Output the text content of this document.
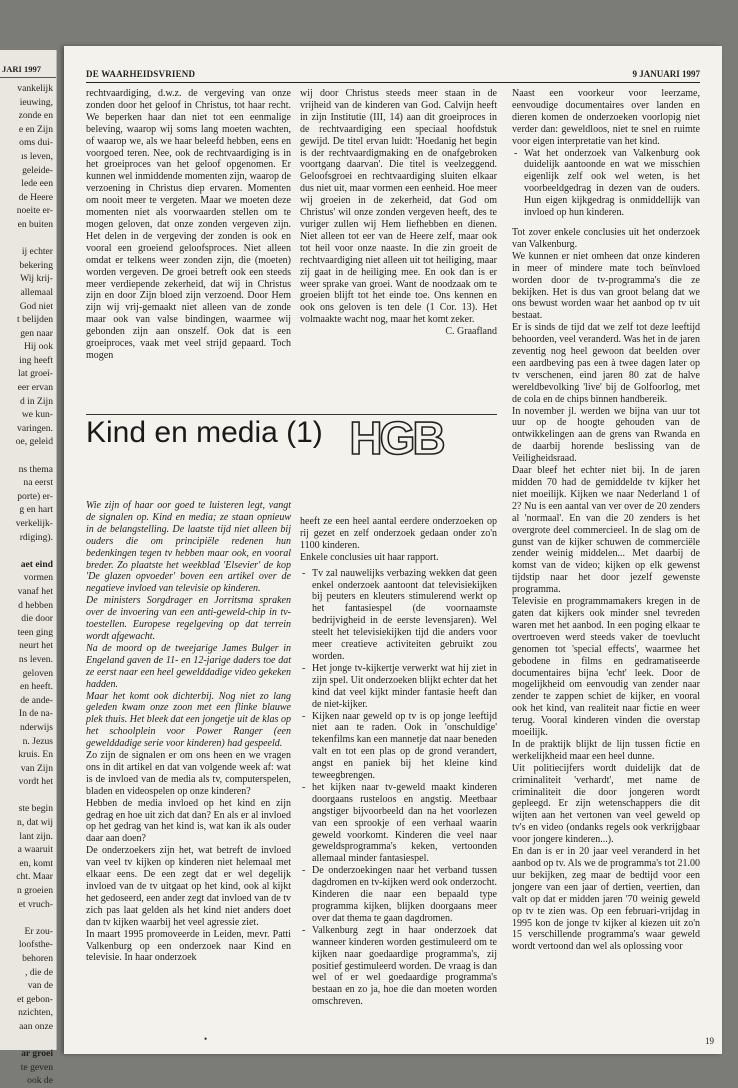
JARI 1997
vankelijk
ieuwing,
zonde en
e en Zijn
oms dui-
ıs leven,
geleide-
lede een
de Heere
noeite er-
en buiten

ij echter
bekering
Wij krij-
allemaal
God niet
t belijden
gen naar
Hij ook
ing heeft
lat groei-
eer ervan
d in Zijn
we kun-
varingen.
oe, geleid

ns thema
na eerst
porte) er-
g en hart
verkelijk-
rdiging).

aet eind
vormen
vanaf het
d hebben
die door
teen ging
neurt het
ns leven.
geloven
en heeft.
de ande-
In de na-
nderwijs
n. Jezus
kruis. En
van Zijn
vordt het

ste begin
n, dat wij
lant zijn.
a waaruit
en, komt
cht. Maar
n groeien
et vruch-

Er zou-
loofsthe-
behoren
, die de
van de
et gebon-
nzichten,
aan onze

ar groei
te geven
ook de
DE WAARHEIDSVRIEND	9 JANUARI 1997

rechtvaardiging, d.w.z. de vergeving van onze zonden door het geloof in Christus, tot haar recht. We beperken haar dan niet tot een eenmalige beleving, waarop wij soms lang moeten wachten, of waarop we, als we haar beleefd hebben, eens en voorgoed teren. Nee, ook de rechtvaardiging is in het groeiproces van het geloof opgenomen. Er kunnen wel inmiddende momenten zijn, waarop de verzoening in Christus diep ervaren. Momenten om nooit meer te vergeten. Maar we moeten deze momenten niet als voorwaarden stellen om te mogen geloven, dat onze zonden vergeven zijn. Het delen in de vergeving der zonden is ook en vooral een groeiend geloofsproces. Niet alleen omdat er telkens weer zonden zijn, die (moeten) worden vergeven. De groei betreft ook een steeds meer verdiepende zekerheid, dat wij in Christus zijn en door Zijn bloed zijn verzoend. Door Hem zijn wij vrij-gemaakt niet alleen van de zonde maar ook van valse bindingen, waarmee wij gebonden zijn aan onszelf. Ook dat is een groeiproces, vaak met veel strijd gepaard. Toch mogen

wij door Christus steeds meer staan in de vrijheid van de kinderen van God. Calvijn heeft in zijn Institutie (III, 14) aan dit groeiproces in de rechtvaardiging een speciaal hoofdstuk gewijd. De titel ervan luidt: 'Hoedanig het begin is der rechtvaardigmaking en de onafgebroken voortgang daarvan'. Die titel is veelzeggend. Geloofsgroei en rechtvaardiging sluiten elkaar dus niet uit, maar vormen een eenheid. Hoe meer wij groeien in de zekerheid, dat God om Christus' wil onze zonden vergeven heeft, des te vuriger zullen wij Hem liefhebben en dienen. Niet alleen tot eer van de Heere zelf, maar ook tot heil voor onze naaste. In die zin groeit de rechtvaardiging niet alleen uit tot heiliging, maar zij gaat in de heiliging mee. En ook dan is er weer sprake van groei. Want de noodzaak om te groeien blijft tot het einde toe. Ons kennen en ook ons geloven is ten dele (1 Cor. 13). Het volmaakte wacht nog, maar het komt zeker.

C. Graafland

Kind en media (1) HGB

Wie zijn of haar oor goed te luisteren legt, vangt de signalen op. Kind en media; ze staan opnieuw in de belangstelling. De laatste tijd niet alleen bij ouders die om principiële redenen hun bedenkingen tegen tv hebben maar ook, en vooral breder. Zo plaatste het weekblad 'Elsevier' de kop 'De glazen opvoeder' boven een artikel over de negatieve invloed van televisie op kinderen.

De ministers Sorgdrager en Jorritsma spraken over de invoering van een anti-geweld-chip in tv-toestellen. Europese regelgeving op dat terrein wordt afgewacht.

Na de moord op de tweejarige James Bulger in Engeland gaven de 11- en 12-jarige daders toe dat ze eerst naar een heel gewelddadige video gekeken hadden.

Maar het komt ook dichterbij. Nog niet zo lang geleden kwam onze zoon met een flinke blauwe plek thuis. Het bleek dat een jongetje uit de klas op het schoolplein voor Power Ranger (een gewelddadige serie voor kinderen) had gespeeld.

Zo zijn de signalen er om ons heen en we vragen ons in dit artikel en dat van volgende week af: wat is de invloed van de media als tv, computerspelen, bladen en videospelen op onze kinderen?

Hebben de media invloed op het kind en zijn gedrag en hoe uit zich dat dan? En als er al invloed op het gedrag van het kind is, wat kan ik als ouder daar aan doen?

De onderzoekers zijn het, wat betreft de invloed van veel tv kijken op kinderen niet helemaal met elkaar eens. De een zegt dat er wel degelijk invloed van de tv uitgaat op het kind, ook al kijkt het gedoseerd, een ander zegt dat invloed van de tv zich pas laat gelden als het kind niet anders doet dan tv kijken waarbij het veel agressie ziet.

In maart 1995 promoveerde in Leiden, mevr. Patti Valkenburg op een onderzoek naar Kind en televisie. In haar onderzoek

heeft ze een heel aantal eerdere onderzoeken op rij gezet en zelf onderzoek gedaan onder zo'n 1100 kinderen.

Enkele conclusies uit haar rapport.

- Tv zal nauwelijks verbazing wekken dat geen enkel onderzoek aantoont dat televisiekijken bij peuters en kleuters stimulerend werkt op het fantasiespel (de voornaamste bedrijvigheid in de eerste levensjaren). Wel steelt het televisiekijken tijd die anders voor meer creatieve activiteiten gebruikt zou worden.

- Het jonge tv-kijkertje verwerkt wat hij ziet in zijn spel. Uit onderzoeken blijkt echter dat het kind dat veel kijkt minder fantasie heeft dan de niet-kijker.

- Kijken naar geweld op tv is op jonge leeftijd niet aan te raden. Ook in 'onschuldige' tekenfilms kan een mannetje dat naar beneden valt en tot een plas op de grond verandert, angst en paniek bij het kleine kind teweegbrengen.

- het kijken naar tv-geweld maakt kinderen doorgaans rusteloos en angstig. Meetbaar angstiger bijvoorbeeld dan na het voorlezen van een sprookje of een verhaal waarin geweld voorkomt. Kinderen die veel naar geweldsprogramma's keken, vertoonden allemaal minder fantasiespel.

- De onderzoekingen naar het verband tussen dagdromen en tv-kijken werd ook onderzocht. Kinderen die naar een bepaald type programma kijken, blijken doorgaans meer over dat thema te gaan dagdromen.

- Valkenburg zegt in haar onderzoek dat wanneer kinderen worden gestimuleerd om te kijken naar goedaardige programma's, zij positief gestimuleerd worden. De vraag is dan wel of er wel goedaardige programma's bestaan en zo ja, hoe die dan moeten worden omschreven.

Naast een voorkeur voor leerzame, eenvoudige documentaires over landen en dieren komen de onderzoeken voorlopig niet verder dan: geweldloos, niet te snel en ruimte voor eigen interpretatie van het kind.

- Wat het onderzoek van Valkenburg ook duidelijk aantoonde en wat we misschien eigenlijk zelf ook wel weten, is het voorbeeldgedrag in dezen van de ouders. Hun eigen kijkgedrag is onmiddellijk van invloed op hun kinderen.

Tot zover enkele conclusies uit het onderzoek van Valkenburg.

We kunnen er niet omheen dat onze kinderen in meer of mindere mate toch beïnvloed worden door de tv-programma's die ze bekijken. Het is dus van groot belang dat we ons bewust worden waar het aanbod op tv uit bestaat.

Er is sinds de tijd dat we zelf tot deze leeftijd behoorden, veel veranderd. Was het in de jaren zeventig nog heel gewoon dat beelden over een aardbeving pas een à twee dagen later op tv verschenen, eind jaren 80 zat de halve wereldbevolking 'live' bij de Golfoorlog, met de cola en de chips binnen handbereik.

In november jl. werden we bijna van uur tot uur op de hoogte gehouden van de ontwikkelingen aan de grens van Rwanda en de daarbij horende beslissing van de Veiligheidsraad.

Daar bleef het echter niet bij. In de jaren midden 70 had de gemiddelde tv kijker het niet moeilijk. Kijken we naar Nederland 1 of 2? Nu is een aantal van ver over de 20 zenders al 'normaal'. En van die 20 zenders is het overgrote deel commercieel. In de slag om de gunst van de kijker schuwen de commerciële zender weinig middelen... Met daarbij de komst van de video; kijken op elk gewenst tijdstip naar het door jezelf gewenste programma.

Televisie en programmamakers kregen in de gaten dat kijkers ook minder snel tevreden waren met het aanbod. In een poging elkaar te overtroeven werd steeds vaker de toevlucht genomen tot 'special effects', waarmee het gebodene in films en gedramatiseerde documentaires bijna 'echt' leek. Door de mogelijkheid om eenvoudig van zender naar zender te zappen schiet de kijker, en vooral ook het kind, van realiteit naar fictie en weer terug. Vooral kinderen vinden die overstap moeilijk.

In de praktijk blijkt de lijn tussen fictie en werkelijkheid maar een heel dunne.

Uit politiecijfers wordt duidelijk dat de criminaliteit 'verhardt', met name de criminaliteit die door jongeren wordt gepleegd. Er zijn wetenschappers die dit wijten aan het vertonen van veel geweld op tv's en video (ondanks regels ook verkrijgbaar voor jongere kinderen...).

En dan is er in 20 jaar veel veranderd in het aanbod op tv. Als we de programma's tot 21.00 uur bekijken, zeg maar de bedtijd voor een jongere van een jaar of dertien, veertien, dan valt op dat er midden jaren '70 weinig geweld op tv te zien was. Op een februari-vrijdag in 1995 kon de jonge tv kijker al kiezen uit zo'n 15 verschillende programma's waar geweld wordt vertoond dan wel als oplossing voor

•	19
